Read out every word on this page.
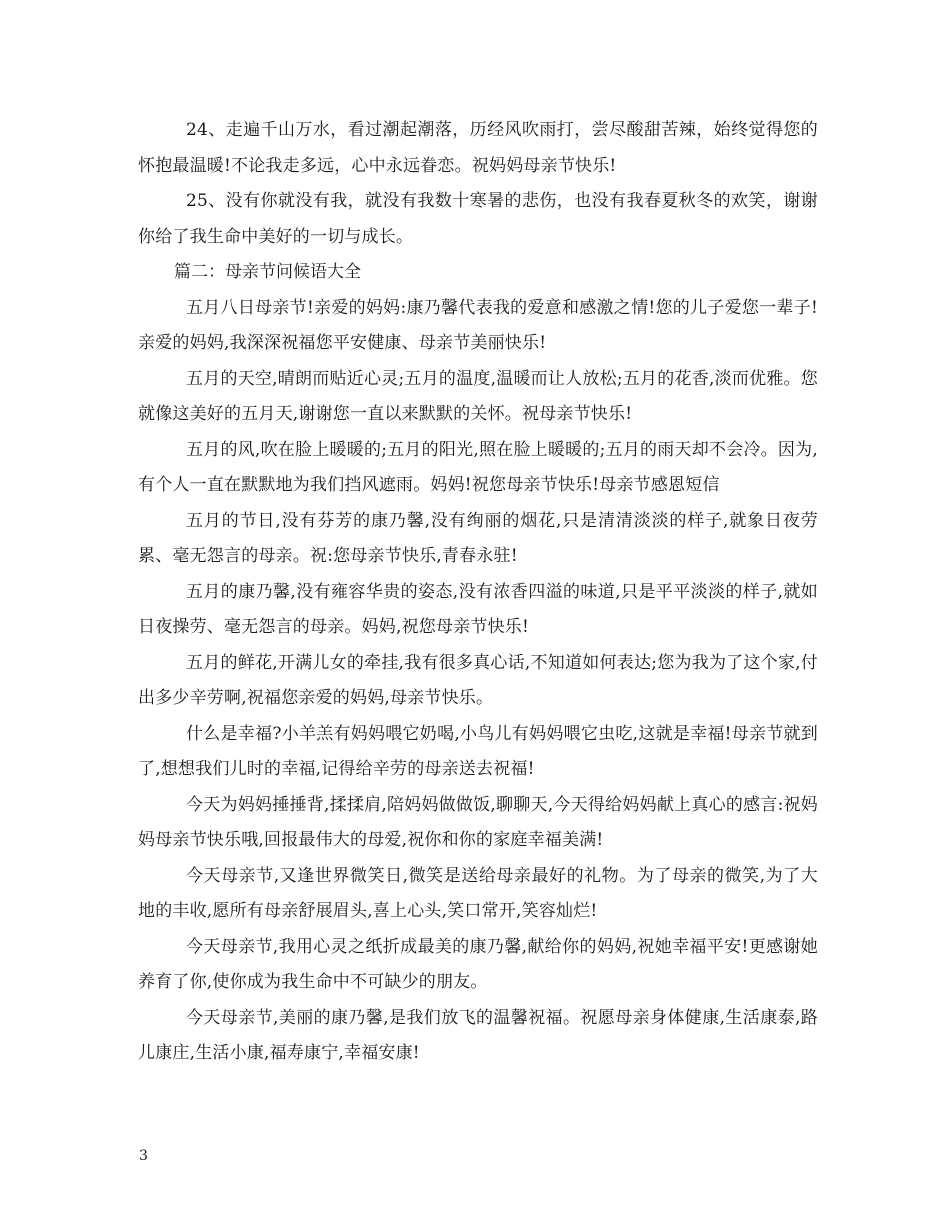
24、走遍千山万水，看过潮起潮落，历经风吹雨打，尝尽酸甜苦辣，始终觉得您的怀抱最温暖!不论我走多远，心中永远眷恋。祝妈妈母亲节快乐!

25、没有你就没有我，就没有我数十寒暑的悲伤，也没有我春夏秋冬的欢笑，谢谢你给了我生命中美好的一切与成长。

篇二：母亲节问候语大全

五月八日母亲节!亲爱的妈妈:康乃馨代表我的爱意和感激之情!您的儿子爱您一辈子!亲爱的妈妈,我深深祝福您平安健康、母亲节美丽快乐!

五月的天空,晴朗而贴近心灵;五月的温度,温暖而让人放松;五月的花香,淡而优雅。您就像这美好的五月天,谢谢您一直以来默默的关怀。祝母亲节快乐!

五月的风,吹在脸上暖暖的;五月的阳光,照在脸上暖暖的;五月的雨天却不会冷。因为,有个人一直在默默地为我们挡风遮雨。妈妈!祝您母亲节快乐!母亲节感恩短信

五月的节日,没有芬芳的康乃馨,没有绚丽的烟花,只是清清淡淡的样子,就象日夜劳累、毫无怨言的母亲。祝:您母亲节快乐,青春永驻!

五月的康乃馨,没有雍容华贵的姿态,没有浓香四溢的味道,只是平平淡淡的样子,就如日夜操劳、毫无怨言的母亲。妈妈,祝您母亲节快乐!

五月的鲜花,开满儿女的牵挂,我有很多真心话,不知道如何表达;您为我为了这个家,付出多少辛劳啊,祝福您亲爱的妈妈,母亲节快乐。

什么是幸福?小羊羔有妈妈喂它奶喝,小鸟儿有妈妈喂它虫吃,这就是幸福!母亲节就到了,想想我们儿时的幸福,记得给辛劳的母亲送去祝福!

今天为妈妈捶捶背,揉揉肩,陪妈妈做做饭,聊聊天,今天得给妈妈献上真心的感言:祝妈妈母亲节快乐哦,回报最伟大的母爱,祝你和你的家庭幸福美满!

今天母亲节,又逢世界微笑日,微笑是送给母亲最好的礼物。为了母亲的微笑,为了大地的丰收,愿所有母亲舒展眉头,喜上心头,笑口常开,笑容灿烂!

今天母亲节,我用心灵之纸折成最美的康乃馨,献给你的妈妈,祝她幸福平安!更感谢她养育了你,使你成为我生命中不可缺少的朋友。

今天母亲节,美丽的康乃馨,是我们放飞的温馨祝福。祝愿母亲身体健康,生活康泰,路儿康庄,生活小康,福寿康宁,幸福安康!

3
